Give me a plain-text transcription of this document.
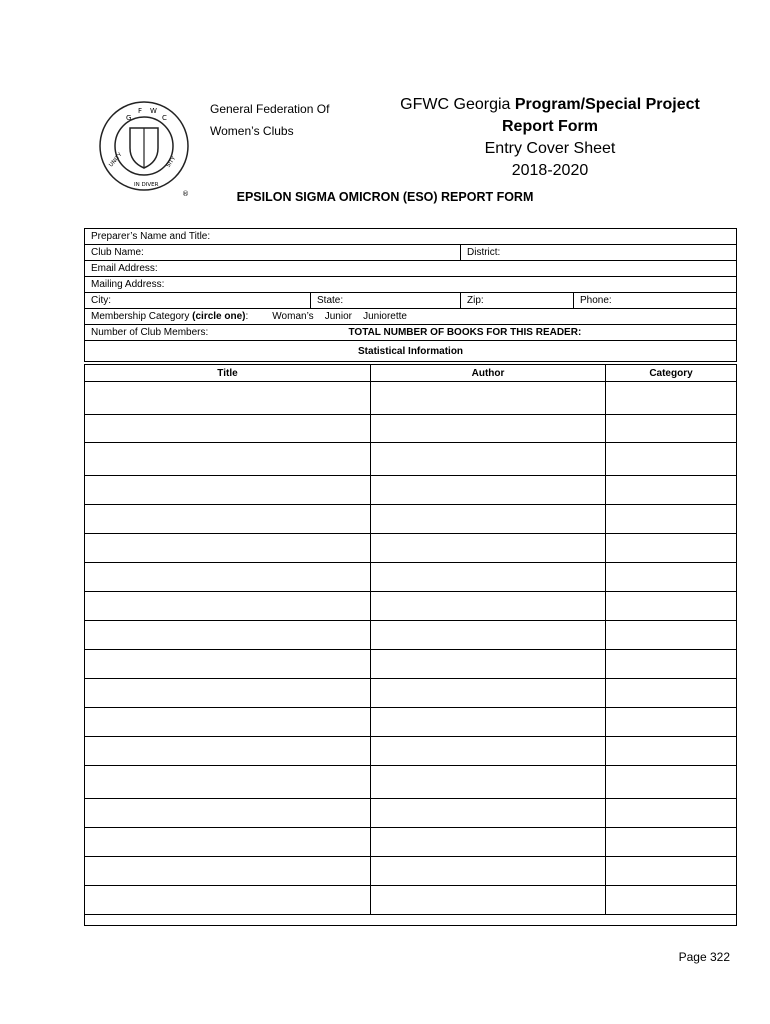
G
F W
C
UNITY
IN DIVER
SITY
®
General Federation Of
Women’s Clubs
GFWC Georgia Program/Special Project
Report Form
Entry Cover Sheet
2018-2020
EPSILON SIGMA OMICRON (ESO) REPORT FORM
Preparer’s Name and Title:			
Club Name:		District:	
Email Address:			
Mailing Address:			
City:	State:	Zip:	Phone:
Membership Category (circle one): Woman’s    Junior    Juniorette			
Number of Club Members:	TOTAL NUMBER OF BOOKS FOR THIS READER:		
Statistical Information			
Title	Author	Category

Page 322
